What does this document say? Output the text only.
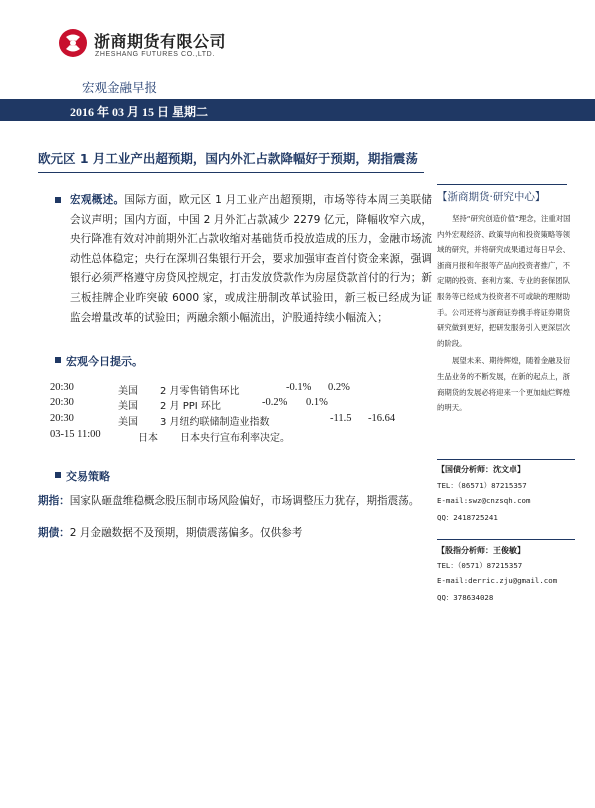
浙商期货有限公司
ZHESHANG FUTURES CO.,LTD.
宏观金融早报
2016 年 03 月 15 日 星期二
欧元区 1 月工业产出超预期，国内外汇占款降幅好于预期，期指震荡
宏观概述。国际方面，欧元区 1 月工业产出超预期，市场等待本周三美联储会议声明；国内方面，中国 2 月外汇占款减少 2279 亿元，降幅收窄六成，央行降准有效对冲前期外汇占款收缩对基础货币投放造成的压力，金融市场流动性总体稳定；央行在深圳召集银行开会，要求加强审查首付资金来源，强调银行必须严格遵守房贷风控规定，打击发放贷款作为房屋贷款首付的行为；新三板挂牌企业昨突破 6000 家，或成注册制改革试验田，新三板已经成为证监会增量改革的试验田；两融余额小幅流出，沪股通持续小幅流入；
宏观今日提示。
20:30	美国 2 月零售销售环比	-0.1% 0.2%
20:30	美国 2 月 PPI 环比	-0.2% 0.1%
20:30	美国 3 月纽约联储制造业指数	-11.5 -16.64
03-15 11:00	日本 日本央行宣布利率决定。
交易策略
期指：国家队砸盘维稳概念股压制市场风险偏好，市场调整压力犹存，期指震荡。
期债：2 月金融数据不及预期，期债震荡偏多。仅供参考
【浙商期货·研究中心】

坚持“研究创造价值”理念，注重对国内外宏观经济、政策导向和投资策略等领域的研究，并将研究成果通过每日早会、浙商月报和年报等产品向投资者推广，不定期的投资、套利方案、专业的套保团队服务等已经成为投资者不可或缺的理财助手。公司还将与浙商证券携手将证券期货研究做到更好，把研发服务引入更深层次的阶段。

展望未来、期待辉煌，随着金融及衍生品业务的不断发展，在新的起点上，浙商期货的发展必将迎来一个更加灿烂辉煌的明天。

【国债分析师：沈文卓】
TEL：（86571）87215357
E-mail:swz@cnzsqh.com
QQ：2418725241
【股指分析师：王俊敏】
TEL：（0571）87215357
E-mail:derric.zju@gmail.com
QQ：378634028
